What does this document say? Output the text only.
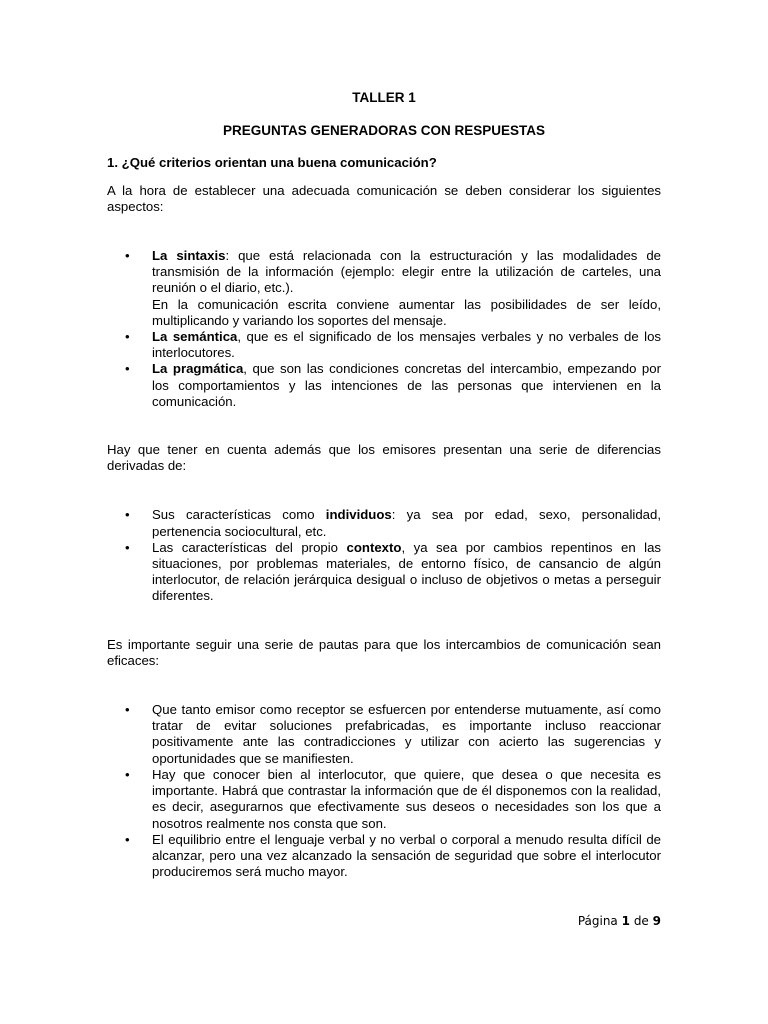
TALLER 1
PREGUNTAS GENERADORAS CON RESPUESTAS
1. ¿Qué criterios orientan una buena comunicación?

A la hora de establecer una adecuada comunicación se deben considerar los siguientes aspectos:

• La sintaxis: que está relacionada con la estructuración y las modalidades de transmisión de la información (ejemplo: elegir entre la utilización de carteles, una reunión o el diario, etc.).
En la comunicación escrita conviene aumentar las posibilidades de ser leído, multiplicando y variando los soportes del mensaje.
• La semántica, que es el significado de los mensajes verbales y no verbales de los interlocutores.
• La pragmática, que son las condiciones concretas del intercambio, empezando por los comportamientos y las intenciones de las personas que intervienen en la comunicación.

Hay que tener en cuenta además que los emisores presentan una serie de diferencias derivadas de:

• Sus características como individuos: ya sea por edad, sexo, personalidad, pertenencia sociocultural, etc.
• Las características del propio contexto, ya sea por cambios repentinos en las situaciones, por problemas materiales, de entorno físico, de cansancio de algún interlocutor, de relación jerárquica desigual o incluso de objetivos o metas a perseguir diferentes.

Es importante seguir una serie de pautas para que los intercambios de comunicación sean eficaces:

• Que tanto emisor como receptor se esfuercen por entenderse mutuamente, así como tratar de evitar soluciones prefabricadas, es importante incluso reaccionar positivamente ante las contradicciones y utilizar con acierto las sugerencias y oportunidades que se manifiesten.
• Hay que conocer bien al interlocutor, que quiere, que desea o que necesita es importante. Habrá que contrastar la información que de él disponemos con la realidad, es decir, asegurarnos que efectivamente sus deseos o necesidades son los que a nosotros realmente nos consta que son.
• El equilibrio entre el lenguaje verbal y no verbal o corporal a menudo resulta difícil de alcanzar, pero una vez alcanzado la sensación de seguridad que sobre el interlocutor produciremos será mucho mayor.
Página 1 de 9
